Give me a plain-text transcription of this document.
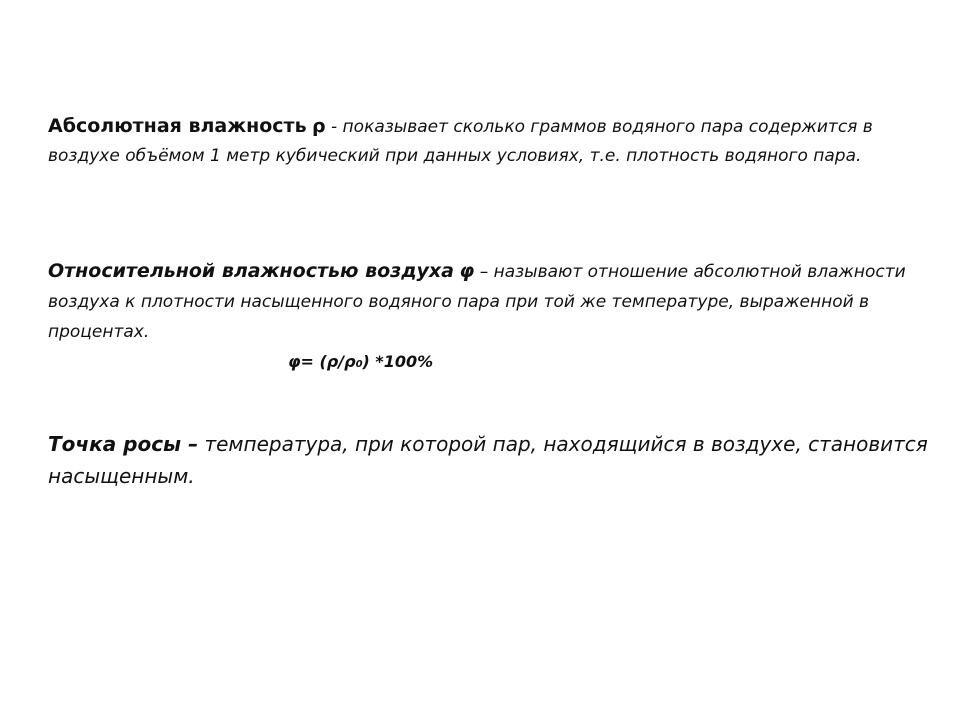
Абсолютная влажность ρ - показывает сколько граммов водяного пара содержится в воздухе объёмом 1 метр кубический при данных условиях, т.е. плотность водяного пара.
Относительной влажностью воздуха φ – называют отношение абсолютной влажности воздуха к плотности насыщенного водяного пара при той же температуре, выраженной в процентах.
φ= (ρ/ρ0) *100%
Точка росы – температура, при которой пар, находящийся в воздухе, становится насыщенным.
